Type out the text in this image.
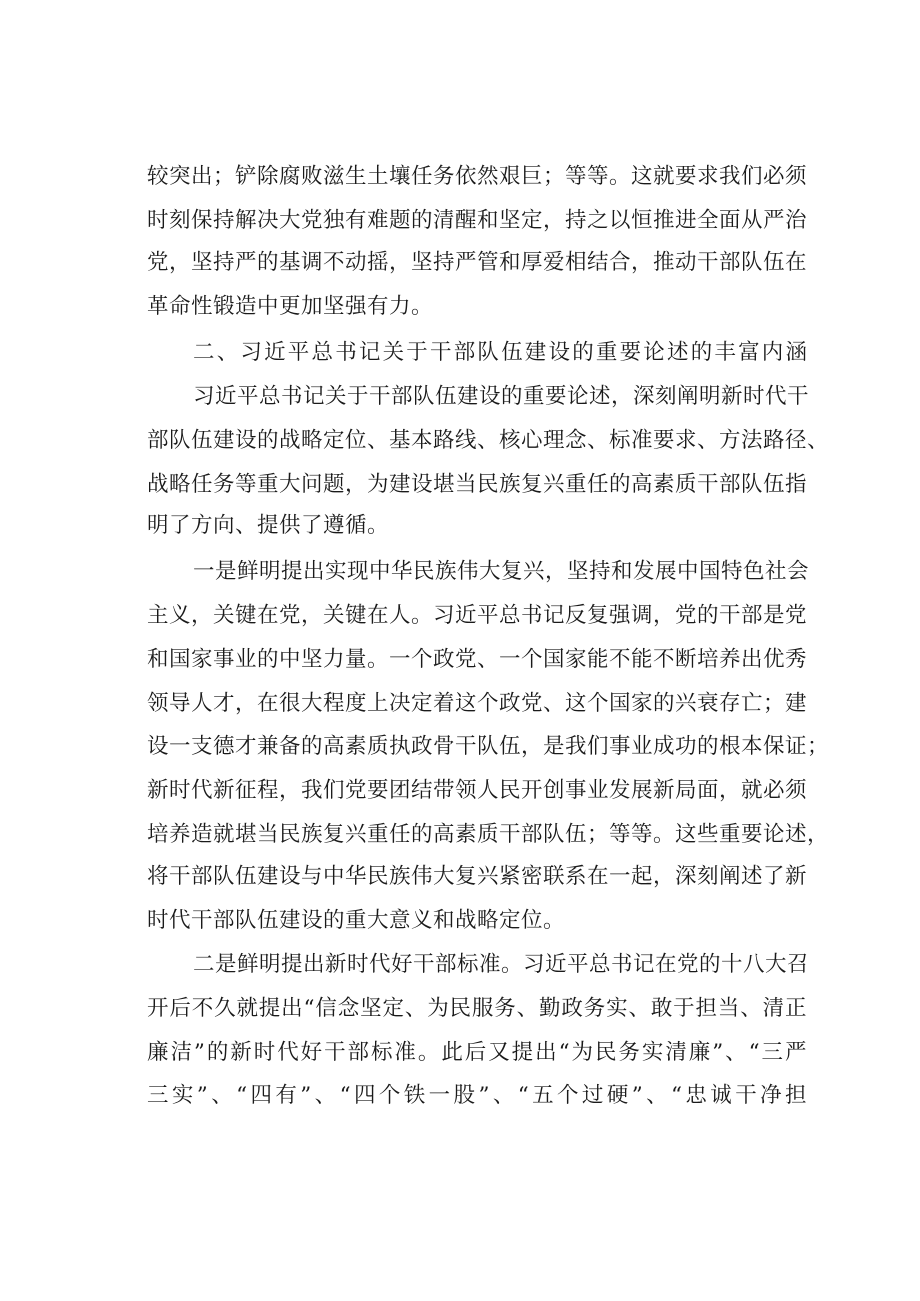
较突出；铲除腐败滋生土壤任务依然艰巨；等等。这就要求我们必须
时刻保持解决大党独有难题的清醒和坚定，持之以恒推进全面从严治
党，坚持严的基调不动摇，坚持严管和厚爱相结合，推动干部队伍在
革命性锻造中更加坚强有力。
二、习近平总书记关于干部队伍建设的重要论述的丰富内涵
习近平总书记关于干部队伍建设的重要论述，深刻阐明新时代干
部队伍建设的战略定位、基本路线、核心理念、标准要求、方法路径、
战略任务等重大问题，为建设堪当民族复兴重任的高素质干部队伍指
明了方向、提供了遵循。
一是鲜明提出实现中华民族伟大复兴，坚持和发展中国特色社会
主义，关键在党，关键在人。习近平总书记反复强调，党的干部是党
和国家事业的中坚力量。一个政党、一个国家能不能不断培养出优秀
领导人才，在很大程度上决定着这个政党、这个国家的兴衰存亡；建
设一支德才兼备的高素质执政骨干队伍，是我们事业成功的根本保证；
新时代新征程，我们党要团结带领人民开创事业发展新局面，就必须
培养造就堪当民族复兴重任的高素质干部队伍；等等。这些重要论述，
将干部队伍建设与中华民族伟大复兴紧密联系在一起，深刻阐述了新
时代干部队伍建设的重大意义和战略定位。
二是鲜明提出新时代好干部标准。习近平总书记在党的十八大召
开后不久就提出“信念坚定、为民服务、勤政务实、敢于担当、清正
廉洁”的新时代好干部标准。此后又提出“为民务实清廉”、“三严
三实”、“四有”、“四个铁一股”、“五个过硬”、“忠诚干净担
